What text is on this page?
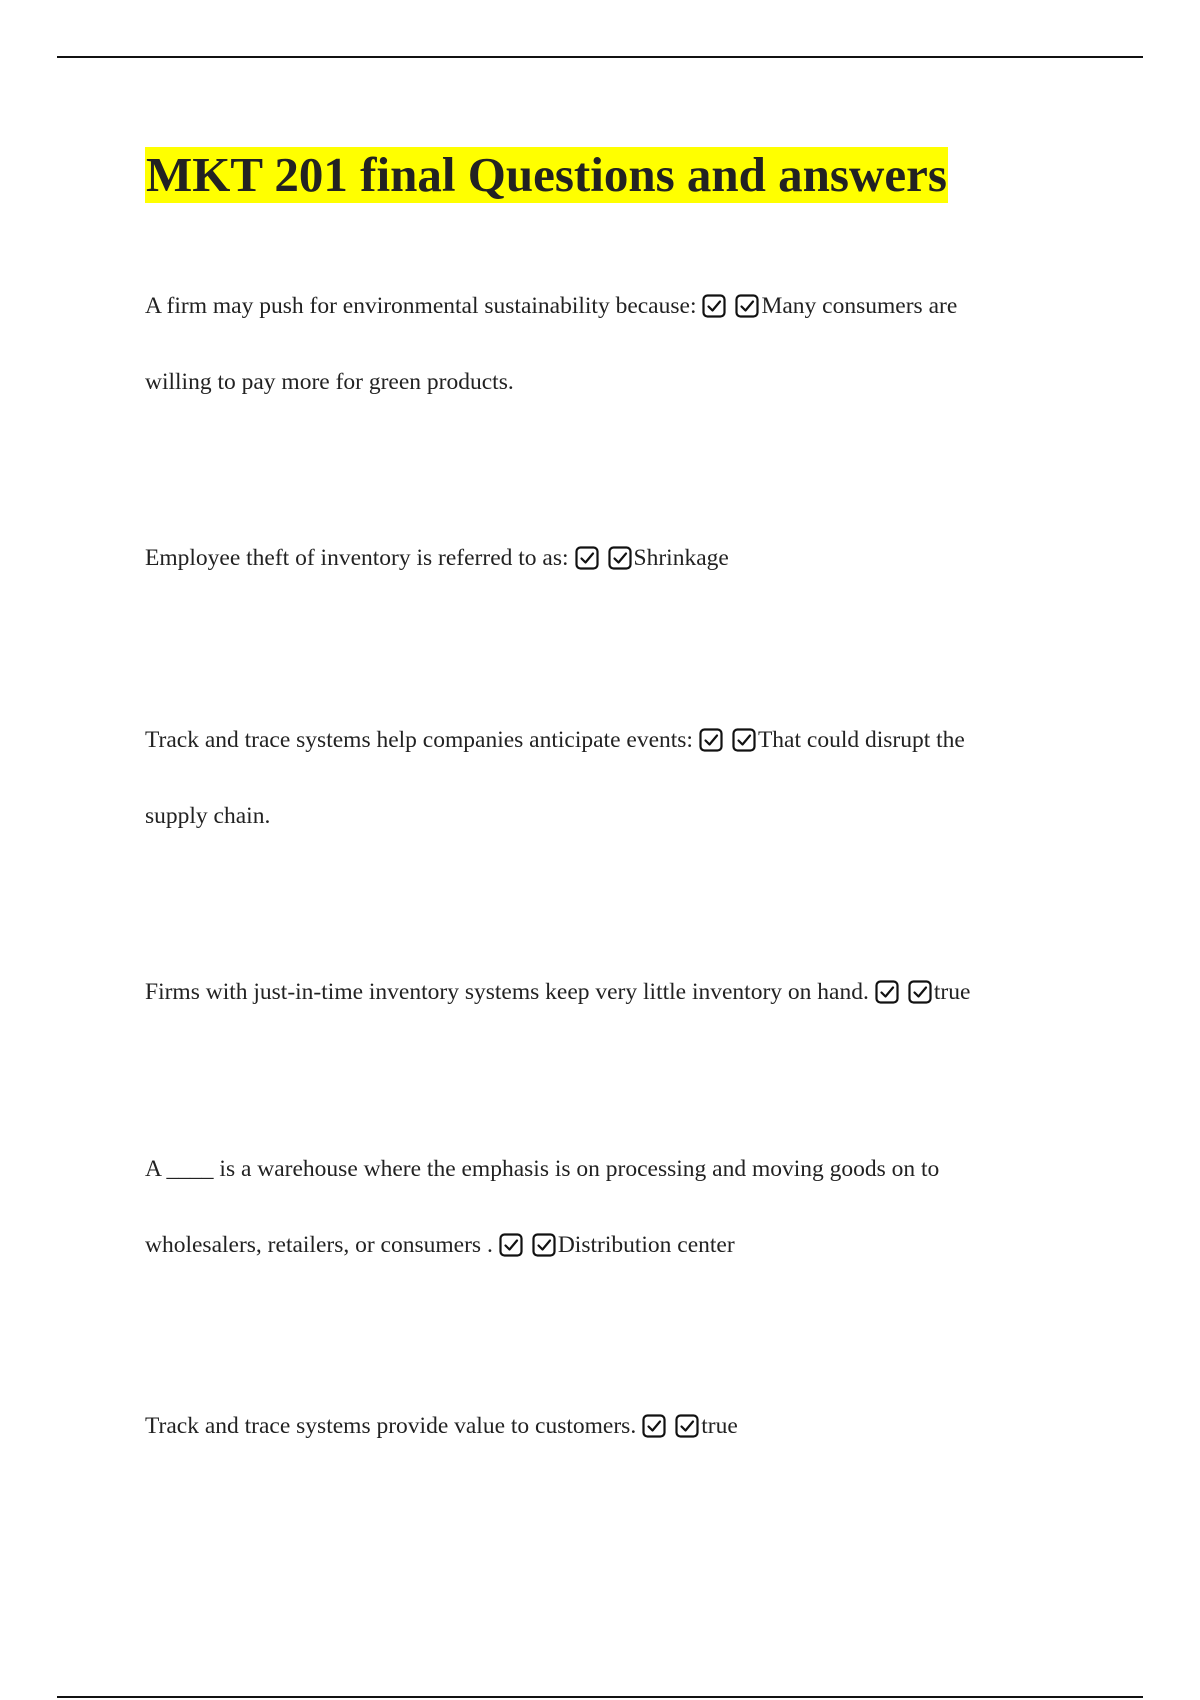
MKT 201 final Questions and answers

A firm may push for environmental sustainability because:	Many consumers are willing to pay more for green products.

Employee theft of inventory is referred to as:	Shrinkage

Track and trace systems help companies anticipate events:	That could disrupt the supply chain.

Firms with just-in-time inventory systems keep very little inventory on hand.	true

A ____ is a warehouse where the emphasis is on processing and moving goods on to wholesalers, retailers, or consumers .	Distribution center

Track and trace systems provide value to customers.	true
